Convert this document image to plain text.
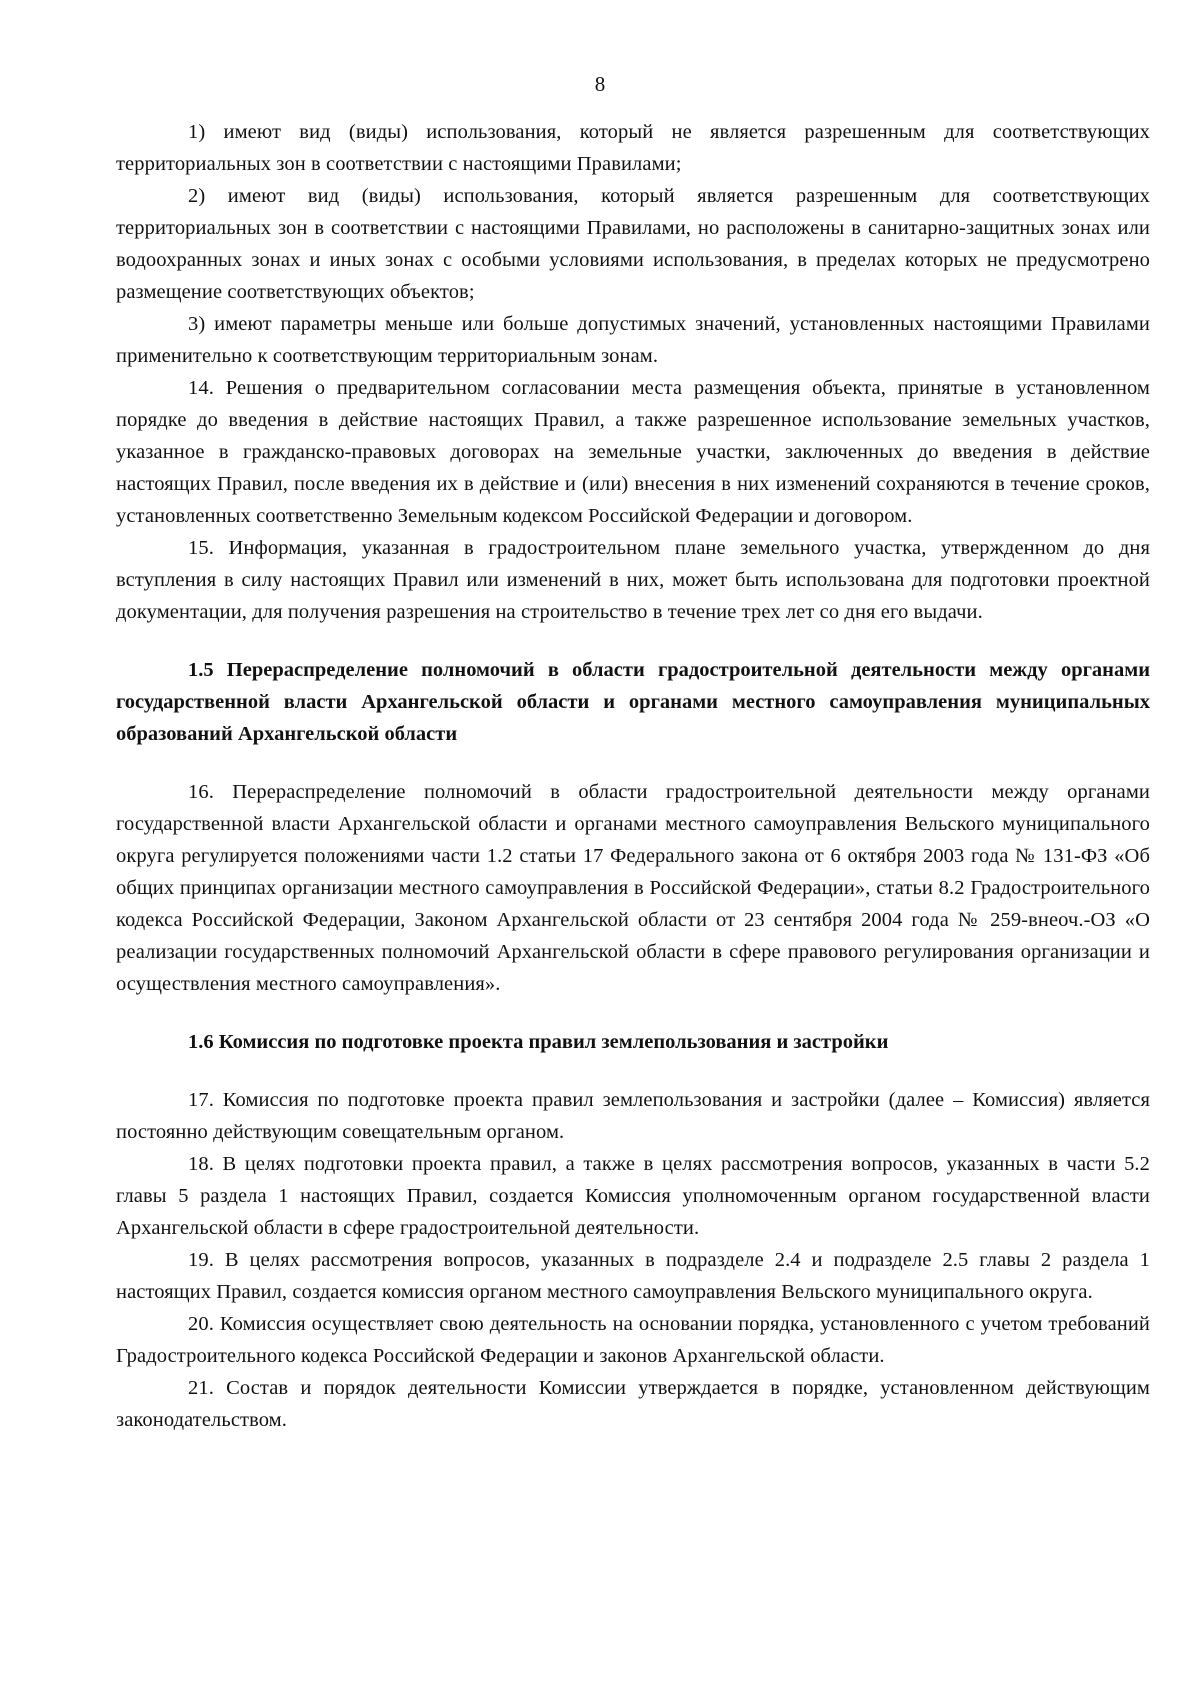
8

1) имеют вид (виды) использования, который не является разрешенным для соответствующих территориальных зон в соответствии с настоящими Правилами;

2) имеют вид (виды) использования, который является разрешенным для соответствующих территориальных зон в соответствии с настоящими Правилами, но расположены в санитарно-защитных зонах или водоохранных зонах и иных зонах с особыми условиями использования, в пределах которых не предусмотрено размещение соответствующих объектов;

3) имеют параметры меньше или больше допустимых значений, установленных настоящими Правилами применительно к соответствующим территориальным зонам.

14. Решения о предварительном согласовании места размещения объекта, принятые в установленном порядке до введения в действие настоящих Правил, а также разрешенное использование земельных участков, указанное в гражданско-правовых договорах на земельные участки, заключенных до введения в действие настоящих Правил, после введения их в действие и (или) внесения в них изменений сохраняются в течение сроков, установленных соответственно Земельным кодексом Российской Федерации и договором.

15. Информация, указанная в градостроительном плане земельного участка, утвержденном до дня вступления в силу настоящих Правил или изменений в них, может быть использована для подготовки проектной документации, для получения разрешения на строительство в течение трех лет со дня его выдачи.

1.5 Перераспределение полномочий в области градостроительной деятельности между органами государственной власти Архангельской области и органами местного самоуправления муниципальных образований Архангельской области

16. Перераспределение полномочий в области градостроительной деятельности между органами государственной власти Архангельской области и органами местного самоуправления Вельского муниципального округа регулируется положениями части 1.2 статьи 17 Федерального закона от 6 октября 2003 года № 131-ФЗ «Об общих принципах организации местного самоуправления в Российской Федерации», статьи 8.2 Градостроительного кодекса Российской Федерации, Законом Архангельской области от 23 сентября 2004 года № 259-внеоч.-ОЗ «О реализации государственных полномочий Архангельской области в сфере правового регулирования организации и осуществления местного самоуправления».

1.6 Комиссия по подготовке проекта правил землепользования и застройки

17. Комиссия по подготовке проекта правил землепользования и застройки (далее – Комиссия) является постоянно действующим совещательным органом.

18. В целях подготовки проекта правил, а также в целях рассмотрения вопросов, указанных в части 5.2 главы 5 раздела 1 настоящих Правил, создается Комиссия уполномоченным органом государственной власти Архангельской области в сфере градостроительной деятельности.

19. В целях рассмотрения вопросов, указанных в подразделе 2.4 и подразделе 2.5 главы 2 раздела 1 настоящих Правил, создается комиссия органом местного самоуправления Вельского муниципального округа.

20. Комиссия осуществляет свою деятельность на основании порядка, установленного с учетом требований Градостроительного кодекса Российской Федерации и законов Архангельской области.

21. Состав и порядок деятельности Комиссии утверждается в порядке, установленном действующим законодательством.
